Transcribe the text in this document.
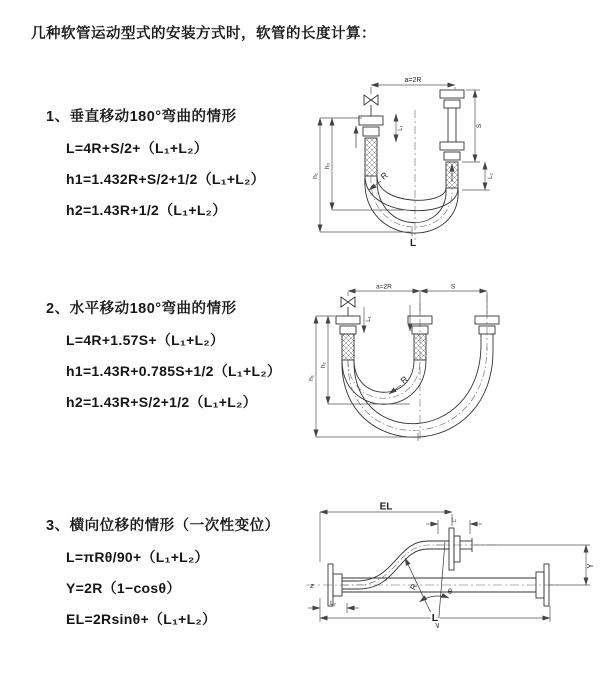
几种软管运动型式的安装方式时，软管的长度计算：
1、垂直移动180°弯曲的情形
L=4R+S/2+（L₁+L₂）
h1=1.432R+S/2+1/2（L₁+L₂）
h2=1.43R+1/2（L₁+L₂）
2、水平移动180°弯曲的情形
L=4R+1.57S+（L₁+L₂）
h1=1.43R+0.785S+1/2（L₁+L₂）
h2=1.43R+S/2+1/2（L₁+L₂）
3、横向位移的情形（一次性变位）
L=πRθ/90+（L₁+L₂）
Y=2R（1−cosθ）
EL=2Rsinθ+（L₁+L₂）
a=2R
h₁
h₂
L₁	S
L₂
R
L
a=2R	S
h₁
h₂
L₁
R
EL
L₁
Y
R
θ
L
L₂
z
